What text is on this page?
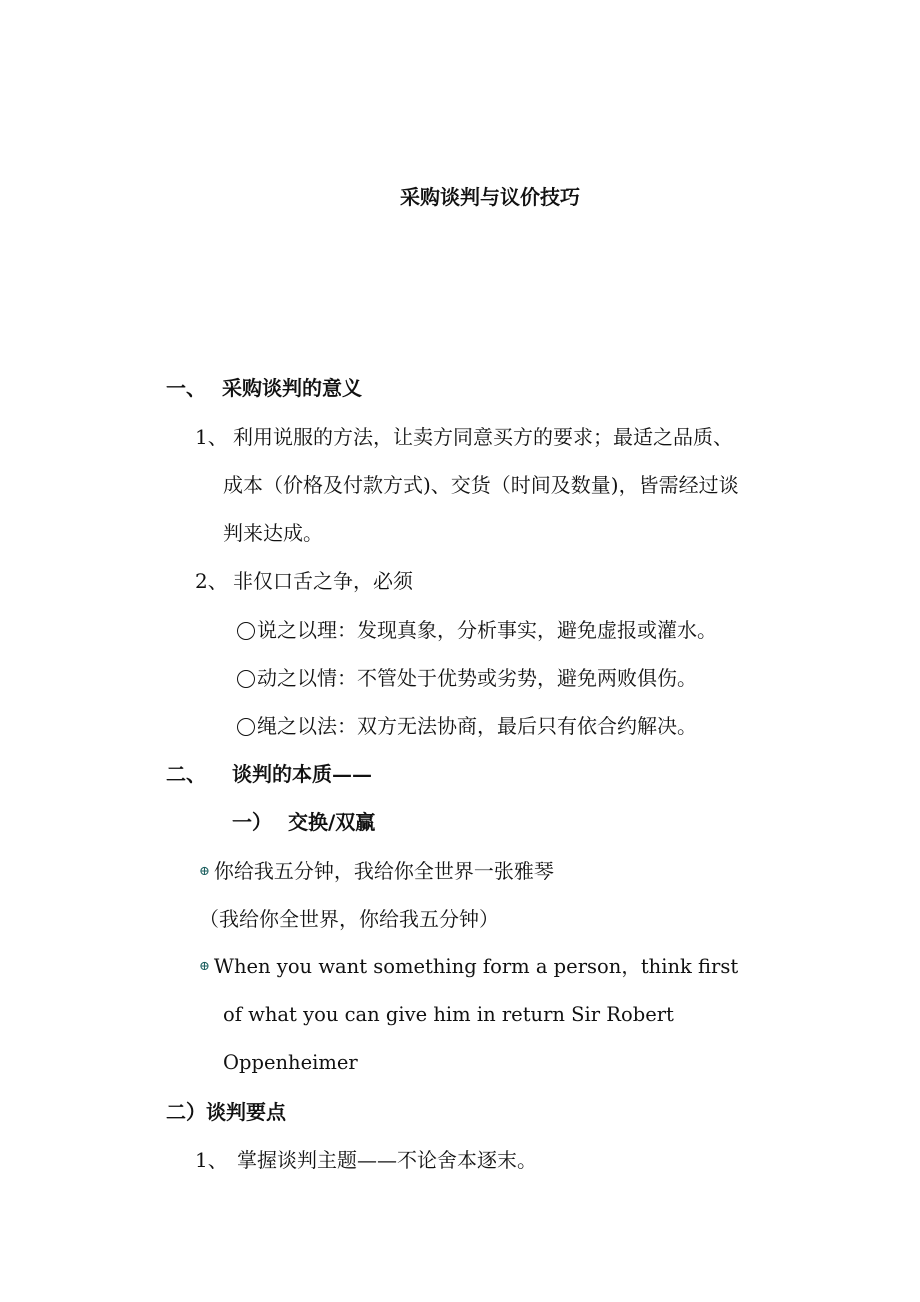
采购谈判与议价技巧
一、 采购谈判的意义
1、 利用说服的方法，让卖方同意买方的要求；最适之品质、
成本（价格及付款方式)、交货（时间及数量)，皆需经过谈
判来达成。
2、 非仅口舌之争，必须
说之以理：发现真象，分析事实，避免虚报或灌水。
动之以情：不管处于优势或劣势，避免两败俱伤。
绳之以法：双方无法协商，最后只有依合约解决。
二、 谈判的本质——
一） 交换/双赢
⊕ 你给我五分钟，我给你全世界一张雅琴
（我给你全世界，你给我五分钟）
⊕ When you want something form a person，think first
of what you can give him in return Sir Robert
Oppenheimer
二）谈判要点
1、 掌握谈判主题——不论舍本逐末。
